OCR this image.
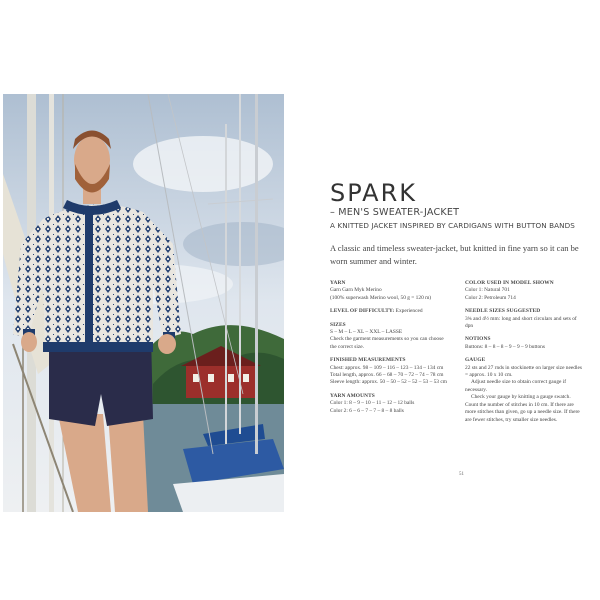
SPARK
– MEN'S SWEATER-JACKET
A KNITTED JACKET INSPIRED BY CARDIGANS WITH BUTTON BANDS
A classic and timeless sweater-jacket, but knitted in fine yarn so it can be worn summer and winter.
YARN
Garn Garn Myk Merino
(100% superwash Merino wool, 50 g = 120 m)
LEVEL OF DIFFICULTY: Experienced
SIZES
S – M – L – XL – XXL – LASSE
Check the garment measurements so you can choose
the correct size.
FINISHED MEASUREMENTS
Chest: approx. 98 – 109 – 116 – 123 – 134 – 134 cm
Total length, approx. 66 – 68 – 70 – 72 – 74 – 78 cm
Sleeve length: approx. 50 – 50 – 52 – 52 – 53 – 53 cm
YARN AMOUNTS
Color 1: 8 – 9 – 10 – 11 – 12 – 12 balls
Color 2: 6 – 6 – 7 – 7 – 8 – 8 balls
COLOR USED IN MODEL SHOWN
Color 1: Natural 701
Color 2: Petroleum 714
NEEDLE SIZES SUGGESTED
3¾ and 4½ mm: long and short circulars and sets of
dpn
NOTIONS
Buttons: 8 – 8 – 8 – 9 – 9 – 9 buttons
GAUGE
22 sts and 27 rnds in stockinette on larger size needles
= approx. 10 x 10 cm.
Adjust needle size to obtain correct gauge if
necessary.
Check your gauge by knitting a gauge swatch.
Count the number of stitches in 10 cm. If there are
more stitches than given, go up a needle size. If there
are fewer stitches, try smaller size needles.
51
